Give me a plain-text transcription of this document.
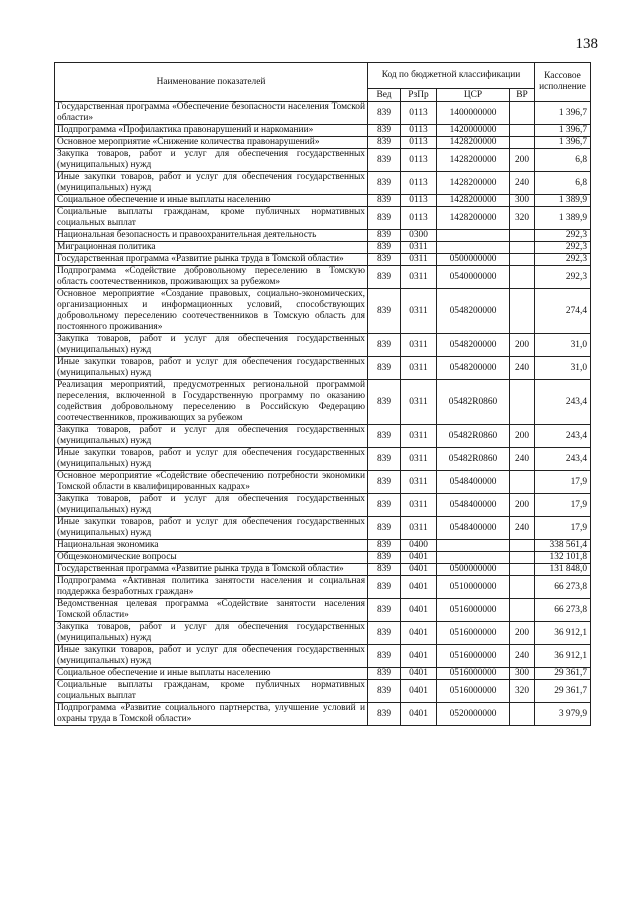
138
Наименование показателей	Код по бюджетной классификации				Кассовое исполнение
	Вед	РзПр	ЦСР	ВР	
Государственная программа «Обеспечение безопасности населения Томской области»	839	0113	1400000000		1 396,7
Подпрограмма «Профилактика правонарушений и наркомании»	839	0113	1420000000		1 396,7
Основное мероприятие «Снижение количества правонарушений»	839	0113	1428200000		1 396,7
Закупка товаров, работ и услуг для обеспечения государственных (муниципальных) нужд	839	0113	1428200000	200	6,8
Иные закупки товаров, работ и услуг для обеспечения государственных (муниципальных) нужд	839	0113	1428200000	240	6,8
Социальное обеспечение и иные выплаты населению	839	0113	1428200000	300	1 389,9
Социальные выплаты гражданам, кроме публичных нормативных социальных выплат	839	0113	1428200000	320	1 389,9
Национальная безопасность и правоохранительная деятельность	839	0300			292,3
Миграционная политика	839	0311			292,3
Государственная программа «Развитие рынка труда в Томской области»	839	0311	0500000000		292,3
Подпрограмма «Содействие добровольному переселению в Томскую область соотечественников, проживающих за рубежом»	839	0311	0540000000		292,3
Основное мероприятие «Создание правовых, социально-экономических, организационных и информационных условий, способствующих добровольному переселению соотечественников в Томскую область для постоянного проживания»	839	0311	0548200000		274,4
Закупка товаров, работ и услуг для обеспечения государственных (муниципальных) нужд	839	0311	0548200000	200	31,0
Иные закупки товаров, работ и услуг для обеспечения государственных (муниципальных) нужд	839	0311	0548200000	240	31,0
Реализация мероприятий, предусмотренных региональной программой переселения, включенной в Государственную программу по оказанию содействия добровольному переселению в Российскую Федерацию соотечественников, проживающих за рубежом	839	0311	05482R0860		243,4
Закупка товаров, работ и услуг для обеспечения государственных (муниципальных) нужд	839	0311	05482R0860	200	243,4
Иные закупки товаров, работ и услуг для обеспечения государственных (муниципальных) нужд	839	0311	05482R0860	240	243,4
Основное мероприятие «Содействие обеспечению потребности экономики Томской области в квалифицированных кадрах»	839	0311	0548400000		17,9
Закупка товаров, работ и услуг для обеспечения государственных (муниципальных) нужд	839	0311	0548400000	200	17,9
Иные закупки товаров, работ и услуг для обеспечения государственных (муниципальных) нужд	839	0311	0548400000	240	17,9
Национальная экономика	839	0400			338 561,4
Общеэкономические вопросы	839	0401			132 101,8
Государственная программа «Развитие рынка труда в Томской области»	839	0401	0500000000		131 848,0
Подпрограмма «Активная политика занятости населения и социальная поддержка безработных граждан»	839	0401	0510000000		66 273,8
Ведомственная целевая программа «Содействие занятости населения Томской области»	839	0401	0516000000		66 273,8
Закупка товаров, работ и услуг для обеспечения государственных (муниципальных) нужд	839	0401	0516000000	200	36 912,1
Иные закупки товаров, работ и услуг для обеспечения государственных (муниципальных) нужд	839	0401	0516000000	240	36 912,1
Социальное обеспечение и иные выплаты населению	839	0401	0516000000	300	29 361,7
Социальные выплаты гражданам, кроме публичных нормативных социальных выплат	839	0401	0516000000	320	29 361,7
Подпрограмма «Развитие социального партнерства, улучшение условий и охраны труда в Томской области»	839	0401	0520000000		3 979,9
